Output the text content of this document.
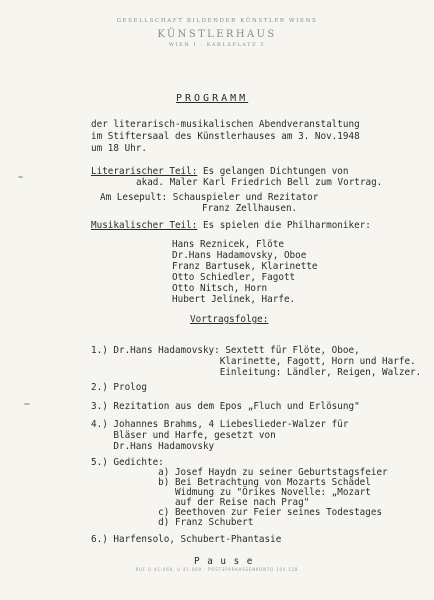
GESELLSCHAFT BILDENDER KÜNSTLER WIENS
KÜNSTLERHAUS
WIEN I · KARLSPLATZ 5
PROGRAMM
der literarisch-musikalischen Abendveranstaltung
im Stiftersaal des Künstlerhauses am 3. Nov.1948
um 18 Uhr.
Literarischer Teil: Es gelangen Dichtungen von
akad. Maler Karl Friedrich Bell zum Vortrag.
Am Lesepult: Schauspieler und Rezitator
Franz Zellhausen.
Musikalischer Teil: Es spielen die Philharmoniker:
Hans Reznicek, Flöte
Dr.Hans Hadamovsky, Oboe
Franz Bartusek, Klarinette
Otto Schiedler, Fagott
Otto Nitsch, Horn
Hubert Jelinek, Harfe.
Vortragsfolge:
1.) Dr.Hans Hadamovsky: Sextett für Flöte, Oboe,
Klarinette, Fagott, Horn und Harfe.
Einleitung: Ländler, Reigen, Walzer.
2.) Prolog
3.) Rezitation aus dem Epos „Fluch und Erlösung"
4.) Johannes Brahms, 4 Liebeslieder-Walzer für
Bläser und Harfe, gesetzt von
Dr.Hans Hadamovsky
5.) Gedichte:
a) Josef Haydn zu seiner Geburtstagsfeier
b) Bei Betrachtung von Mozarts Schädel
Widmung zu "Örikes Novelle: „Mozart
auf der Reise nach Prag"
c) Beethoven zur Feier seines Todestages
d) Franz Schubert
6.) Harfensolo, Schubert-Phantasie
P a u s e
RUF U 41-068, U 41-069 · POSTSPARKASSENKONTO 104.518
